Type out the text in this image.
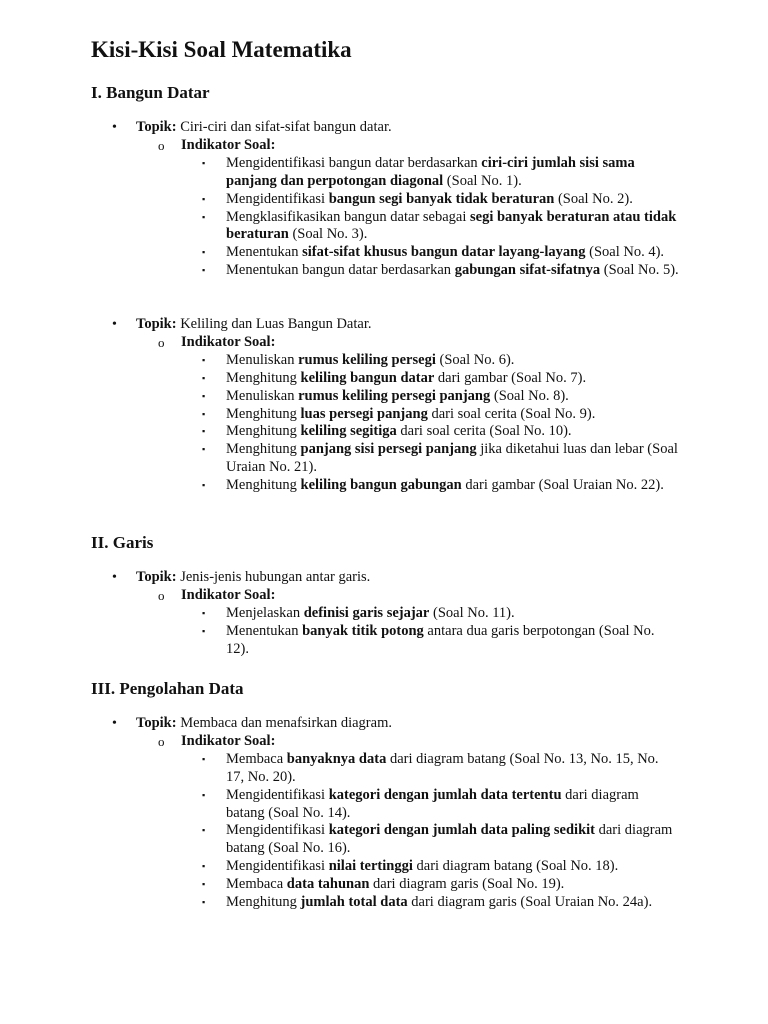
Kisi-Kisi Soal Matematika
I. Bangun Datar
• Topik: Ciri-ciri dan sifat-sifat bangun datar.
o Indikator Soal:
▪ Mengidentifikasi bangun datar berdasarkan ciri-ciri jumlah sisi sama panjang dan perpotongan diagonal (Soal No. 1).
▪ Mengidentifikasi bangun segi banyak tidak beraturan (Soal No. 2).
▪ Mengklasifikasikan bangun datar sebagai segi banyak beraturan atau tidak beraturan (Soal No. 3).
▪ Menentukan sifat-sifat khusus bangun datar layang-layang (Soal No. 4).
▪ Menentukan bangun datar berdasarkan gabungan sifat-sifatnya (Soal No. 5).
• Topik: Keliling dan Luas Bangun Datar.
o Indikator Soal:
▪ Menuliskan rumus keliling persegi (Soal No. 6).
▪ Menghitung keliling bangun datar dari gambar (Soal No. 7).
▪ Menuliskan rumus keliling persegi panjang (Soal No. 8).
▪ Menghitung luas persegi panjang dari soal cerita (Soal No. 9).
▪ Menghitung keliling segitiga dari soal cerita (Soal No. 10).
▪ Menghitung panjang sisi persegi panjang jika diketahui luas dan lebar (Soal Uraian No. 21).
▪ Menghitung keliling bangun gabungan dari gambar (Soal Uraian No. 22).
II. Garis
• Topik: Jenis-jenis hubungan antar garis.
o Indikator Soal:
▪ Menjelaskan definisi garis sejajar (Soal No. 11).
▪ Menentukan banyak titik potong antara dua garis berpotongan (Soal No. 12).
III. Pengolahan Data
• Topik: Membaca dan menafsirkan diagram.
o Indikator Soal:
▪ Membaca banyaknya data dari diagram batang (Soal No. 13, No. 15, No. 17, No. 20).
▪ Mengidentifikasi kategori dengan jumlah data tertentu dari diagram batang (Soal No. 14).
▪ Mengidentifikasi kategori dengan jumlah data paling sedikit dari diagram batang (Soal No. 16).
▪ Mengidentifikasi nilai tertinggi dari diagram batang (Soal No. 18).
▪ Membaca data tahunan dari diagram garis (Soal No. 19).
▪ Menghitung jumlah total data dari diagram garis (Soal Uraian No. 24a).
